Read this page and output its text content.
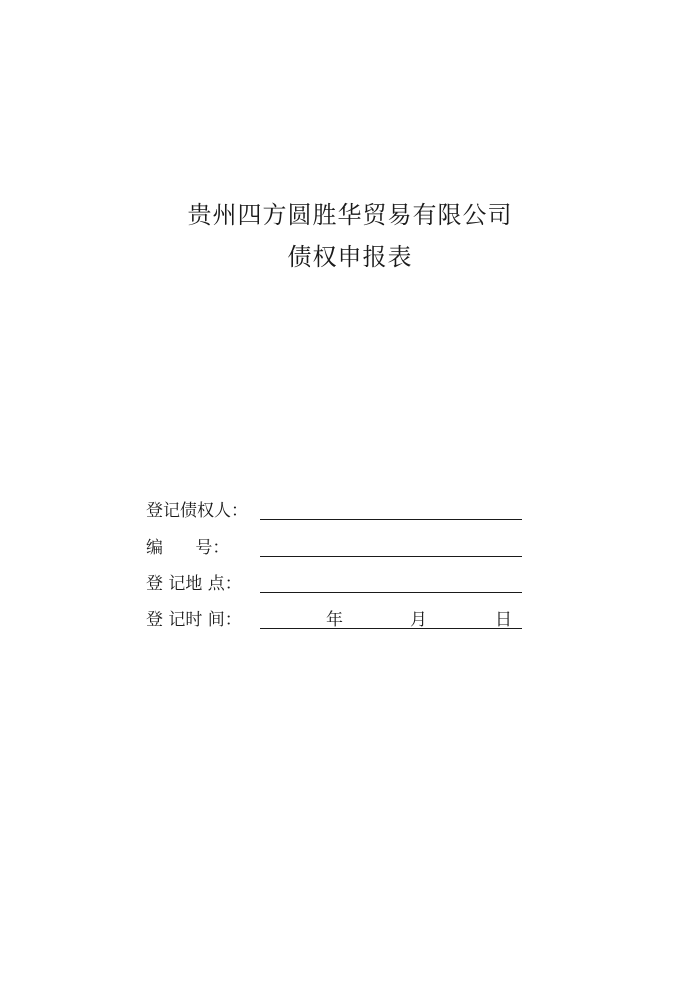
贵州四方圆胜华贸易有限公司
债权申报表
登记债权人：
编      号：
登 记地 点：
登 记时 间：	年	月	日
